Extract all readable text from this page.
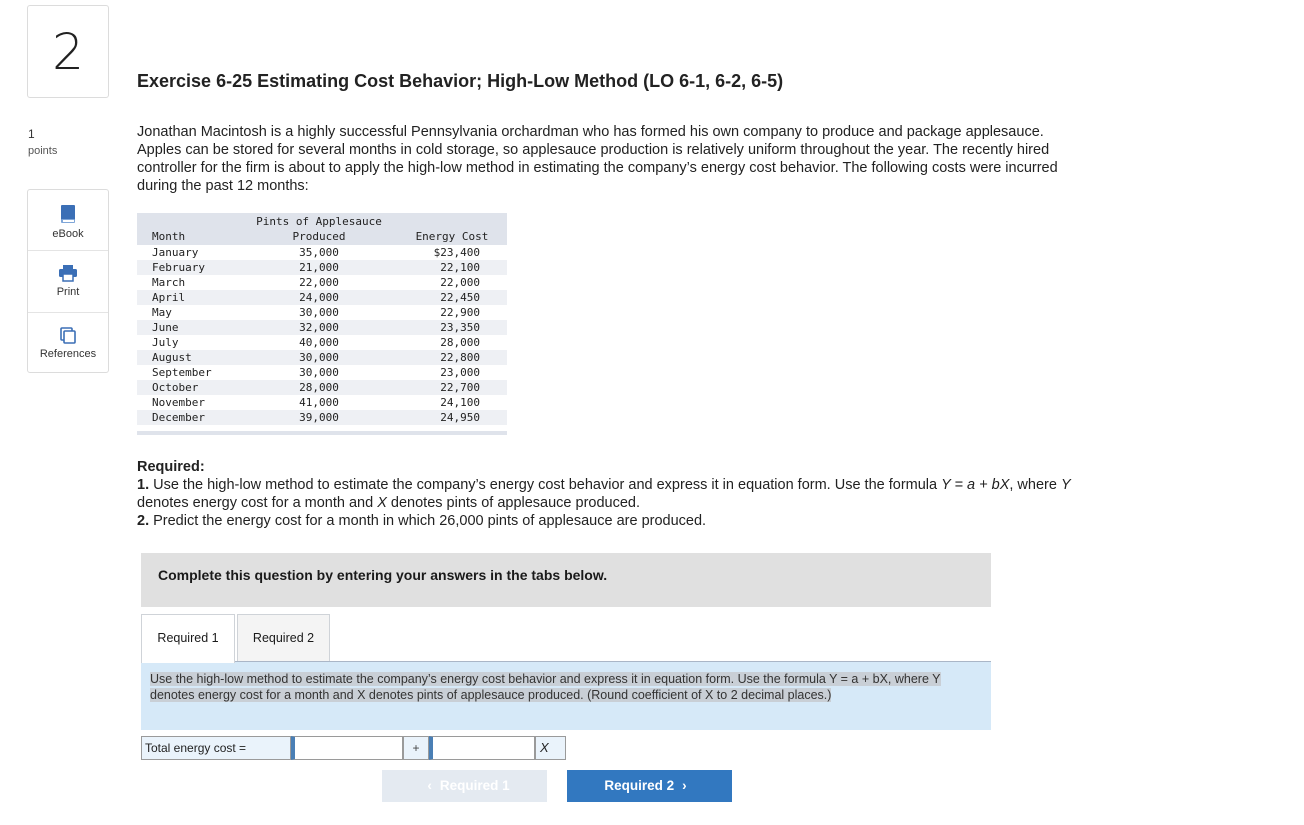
2
1
points
eBook
Print
References
Exercise 6-25 Estimating Cost Behavior; High-Low Method (LO 6-1, 6-2, 6-5)
Jonathan Macintosh is a highly successful Pennsylvania orchardman who has formed his own company to produce and package applesauce. Apples can be stored for several months in cold storage, so applesauce production is relatively uniform throughout the year. The recently hired controller for the firm is about to apply the high-low method in estimating the company’s energy cost behavior. The following costs were incurred during the past 12 months:
Pints of Applesauce
Produced
Month	Energy Cost
January	35,000	$23,400
February	21,000	22,100
March	22,000	22,000
April	24,000	22,450
May	30,000	22,900
June	32,000	23,350
July	40,000	28,000
August	30,000	22,800
September	30,000	23,000
October	28,000	22,700
November	41,000	24,100
December	39,000	24,950
Required:
1. Use the high-low method to estimate the company’s energy cost behavior and express it in equation form. Use the formula Y = a + bX, where Y denotes energy cost for a month and X denotes pints of applesauce produced.
2. Predict the energy cost for a month in which 26,000 pints of applesauce are produced.
Complete this question by entering your answers in the tabs below.
Required 1	Required 2
Use the high-low method to estimate the company’s energy cost behavior and express it in equation form. Use the formula Y = a + bX, where Y denotes energy cost for a month and X denotes pints of applesauce produced. (Round coefficient of X to 2 decimal places.)
Total energy cost =	+	X
‹ Required 1	Required 2 ›
